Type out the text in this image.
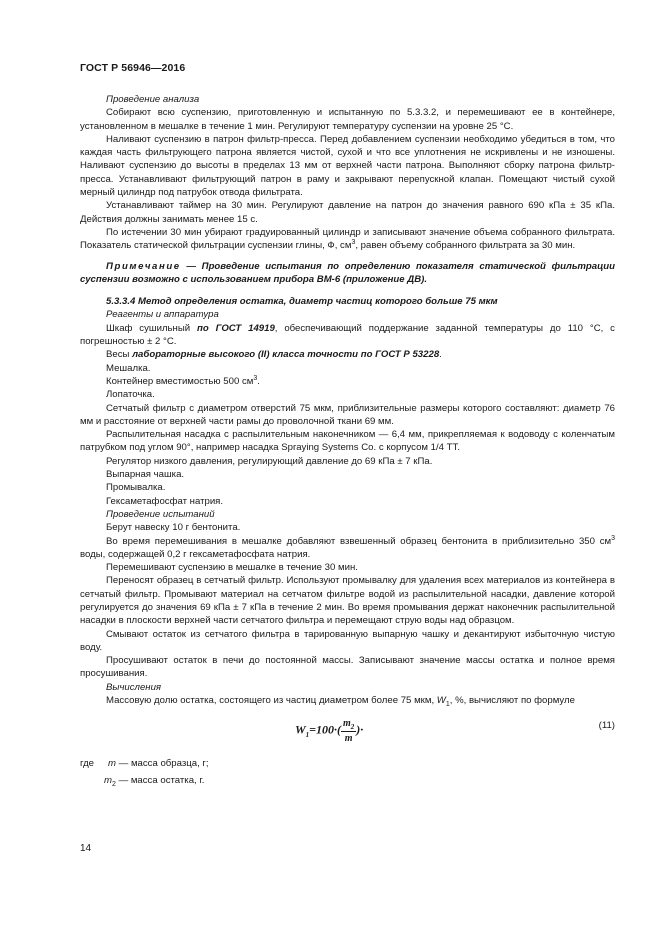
ГОСТ Р 56946—2016

Проведение анализа

Собирают всю суспензию, приготовленную и испытанную по 5.3.3.2, и перемешивают ее в контейнере, установленном в мешалке в течение 1 мин. Регулируют температуру суспензии на уровне 25 °С.

Наливают суспензию в патрон фильтр-пресса. Перед добавлением суспензии необходимо убедиться в том, что каждая часть фильтрующего патрона является чистой, сухой и что все уплотнения не искривлены и не изношены. Наливают суспензию до высоты в пределах 13 мм от верхней части патрона. Выполняют сборку патрона фильтр-пресса. Устанавливают фильтрующий патрон в раму и закрывают перепускной клапан. Помещают чистый сухой мерный цилиндр под патрубок отвода фильтрата.

Устанавливают таймер на 30 мин. Регулируют давление на патрон до значения равного 690 кПа ± 35 кПа. Действия должны занимать менее 15 с.

По истечении 30 мин убирают градуированный цилиндр и записывают значение объема собранного фильтрата. Показатель статической фильтрации суспензии глины, Ф, $см^3$, равен объему собранного фильтрата за 30 мин.

Примечание — Проведение испытания по определению показателя статической фильтрации суспензии возможно с использованием прибора ВМ-6 (приложение ДВ).

5.3.3.4 Метод определения остатка, диаметр частиц которого больше 75 мкм

Реагенты и аппаратура

Шкаф сушильный по ГОСТ 14919, обеспечивающий поддержание заданной температуры до 110 °С, с погрешностью ± 2 °С.

Весы лабораторные высокого (II) класса точности по ГОСТ Р 53228.

Мешалка.

Контейнер вместимостью 500 $см^3$.

Лопаточка.

Сетчатый фильтр с диаметром отверстий 75 мкм, приблизительные размеры которого составляют: диаметр 76 мм и расстояние от верхней части рамы до проволочной ткани 69 мм.

Распылительная насадка с распылительным наконечником — 6,4 мм, прикрепляемая к водоводу с коленчатым патрубком под углом 90°, например насадка Spraying Systems Co. с корпусом 1/4 ТТ.

Регулятор низкого давления, регулирующий давление до 69 кПа ± 7 кПа.

Выпарная чашка.

Промывалка.

Гексаметафосфат натрия.

Проведение испытаний

Берут навеску 10 г бентонита.

Во время перемешивания в мешалке добавляют взвешенный образец бентонита в приблизительно 350 $см^3$ воды, содержащей 0,2 г гексаметафосфата натрия.

Перемешивают суспензию в мешалке в течение 30 мин.

Переносят образец в сетчатый фильтр. Используют промывалку для удаления всех материалов из контейнера в сетчатый фильтр. Промывают материал на сетчатом фильтре водой из распылительной насадки, давление которой регулируется до значения 69 кПа ± 7 кПа в течение 2 мин. Во время промывания держат наконечник распылительной насадки в плоскости верхней части сетчатого фильтра и перемещают струю воды над образцом.

Смывают остаток из сетчатого фильтра в тарированную выпарную чашку и декантируют избыточную чистую воду.

Просушивают остаток в печи до постоянной массы. Записывают значение массы остатка и полное время просушивания.

Вычисления

Массовую долю остатка, состоящего из частиц диаметром более 75 мкм, $W_1$, %, вычисляют по формуле

$W_1=100\cdot( \frac{m_2}{m}$ )·	(11)
где m — масса образца, г;
$m_2$ — масса остатка, г.
14
